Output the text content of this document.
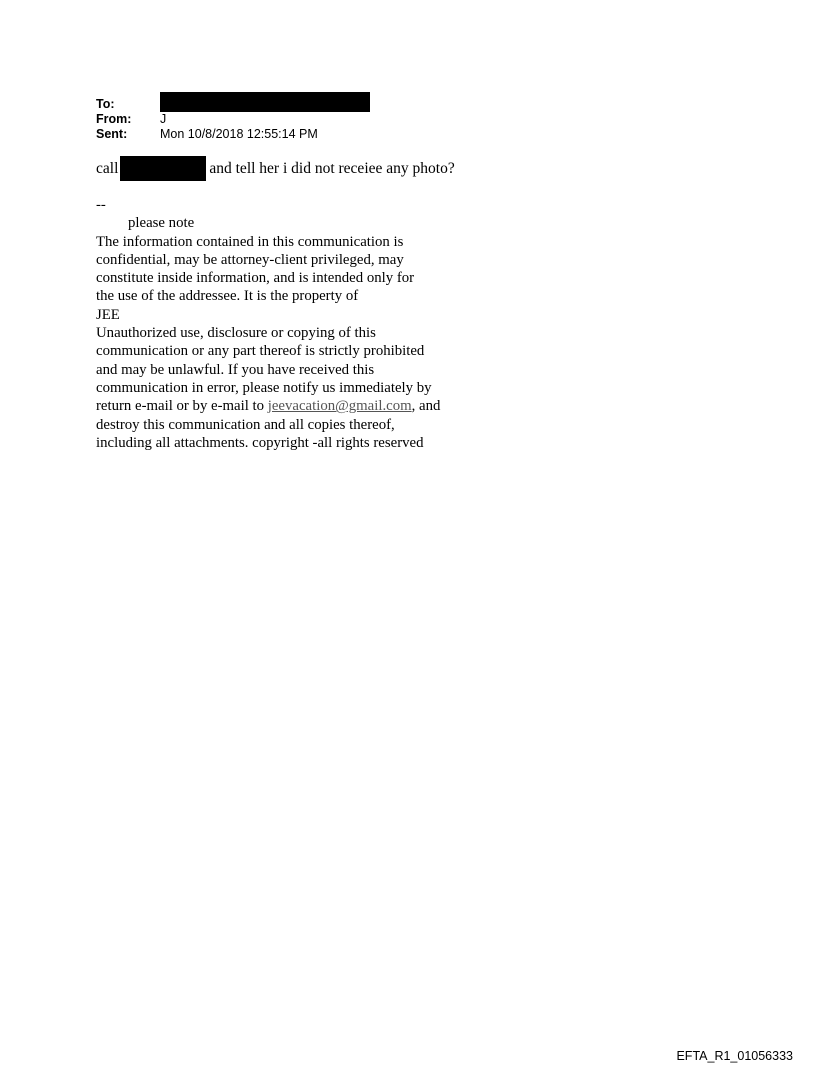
To:
From:	J
Sent:	Mon 10/8/2018 12:55:14 PM
call	and tell her i did not receiee any photo?
--
please note
The information contained in this communication is
confidential, may be attorney-client privileged, may
constitute inside information, and is intended only for
the use of the addressee. It is the property of
JEE
Unauthorized use, disclosure or copying of this
communication or any part thereof is strictly prohibited
and may be unlawful. If you have received this
communication in error, please notify us immediately by
return e-mail or by e-mail to jeevacation@gmail.com, and
destroy this communication and all copies thereof,
including all attachments. copyright -all rights reserved
EFTA_R1_01056333
